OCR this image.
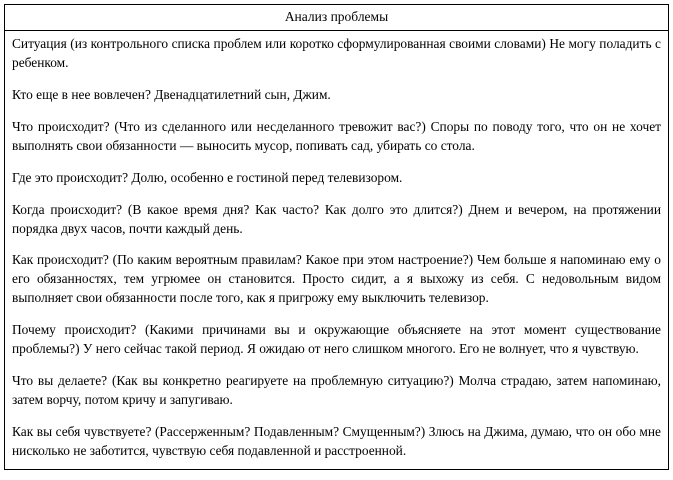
Анализ проблемы

Ситуация (из контрольного списка проблем или коротко сформулированная своими словами) Не могу поладить с ребенком.

Кто еще в нее вовлечен? Двенадцатилетний сын, Джим.

Что происходит? (Что из сделанного или несделанного тревожит вас?) Споры по поводу того, что он не хочет выполнять свои обязанности — выносить мусор, попивать сад, убирать со стола.

Где это происходит? Долю, особенно е гостиной перед телевизором.

Когда происходит? (В какое время дня? Как часто? Как долго это длится?) Днем и вечером, на протяжении порядка двух часов, почти каждый день.

Как происходит? (По каким вероятным правилам? Какое при этом настроение?) Чем больше я напоминаю ему о его обязанностях, тем угрюмее он становится. Просто сидит, а я выхожу из себя. С недовольным видом выполняет свои обязанности после того, как я пригрожу ему выключить телевизор.

Почему происходит? (Какими причинами вы и окружающие объясняете на этот момент существование проблемы?) У него сейчас такой период. Я ожидаю от него слишком многого. Его не волнует, что я чувствую.

Что вы делаете? (Как вы конкретно реагируете на проблемную ситуацию?) Молча страдаю, затем напоминаю, затем ворчу, потом кричу и запугиваю.

Как вы себя чувствуете? (Рассерженным? Подавленным? Смущенным?) Злюсь на Джима, думаю, что он обо мне нисколько не заботится, чувствую себя подавленной и расстроенной.
